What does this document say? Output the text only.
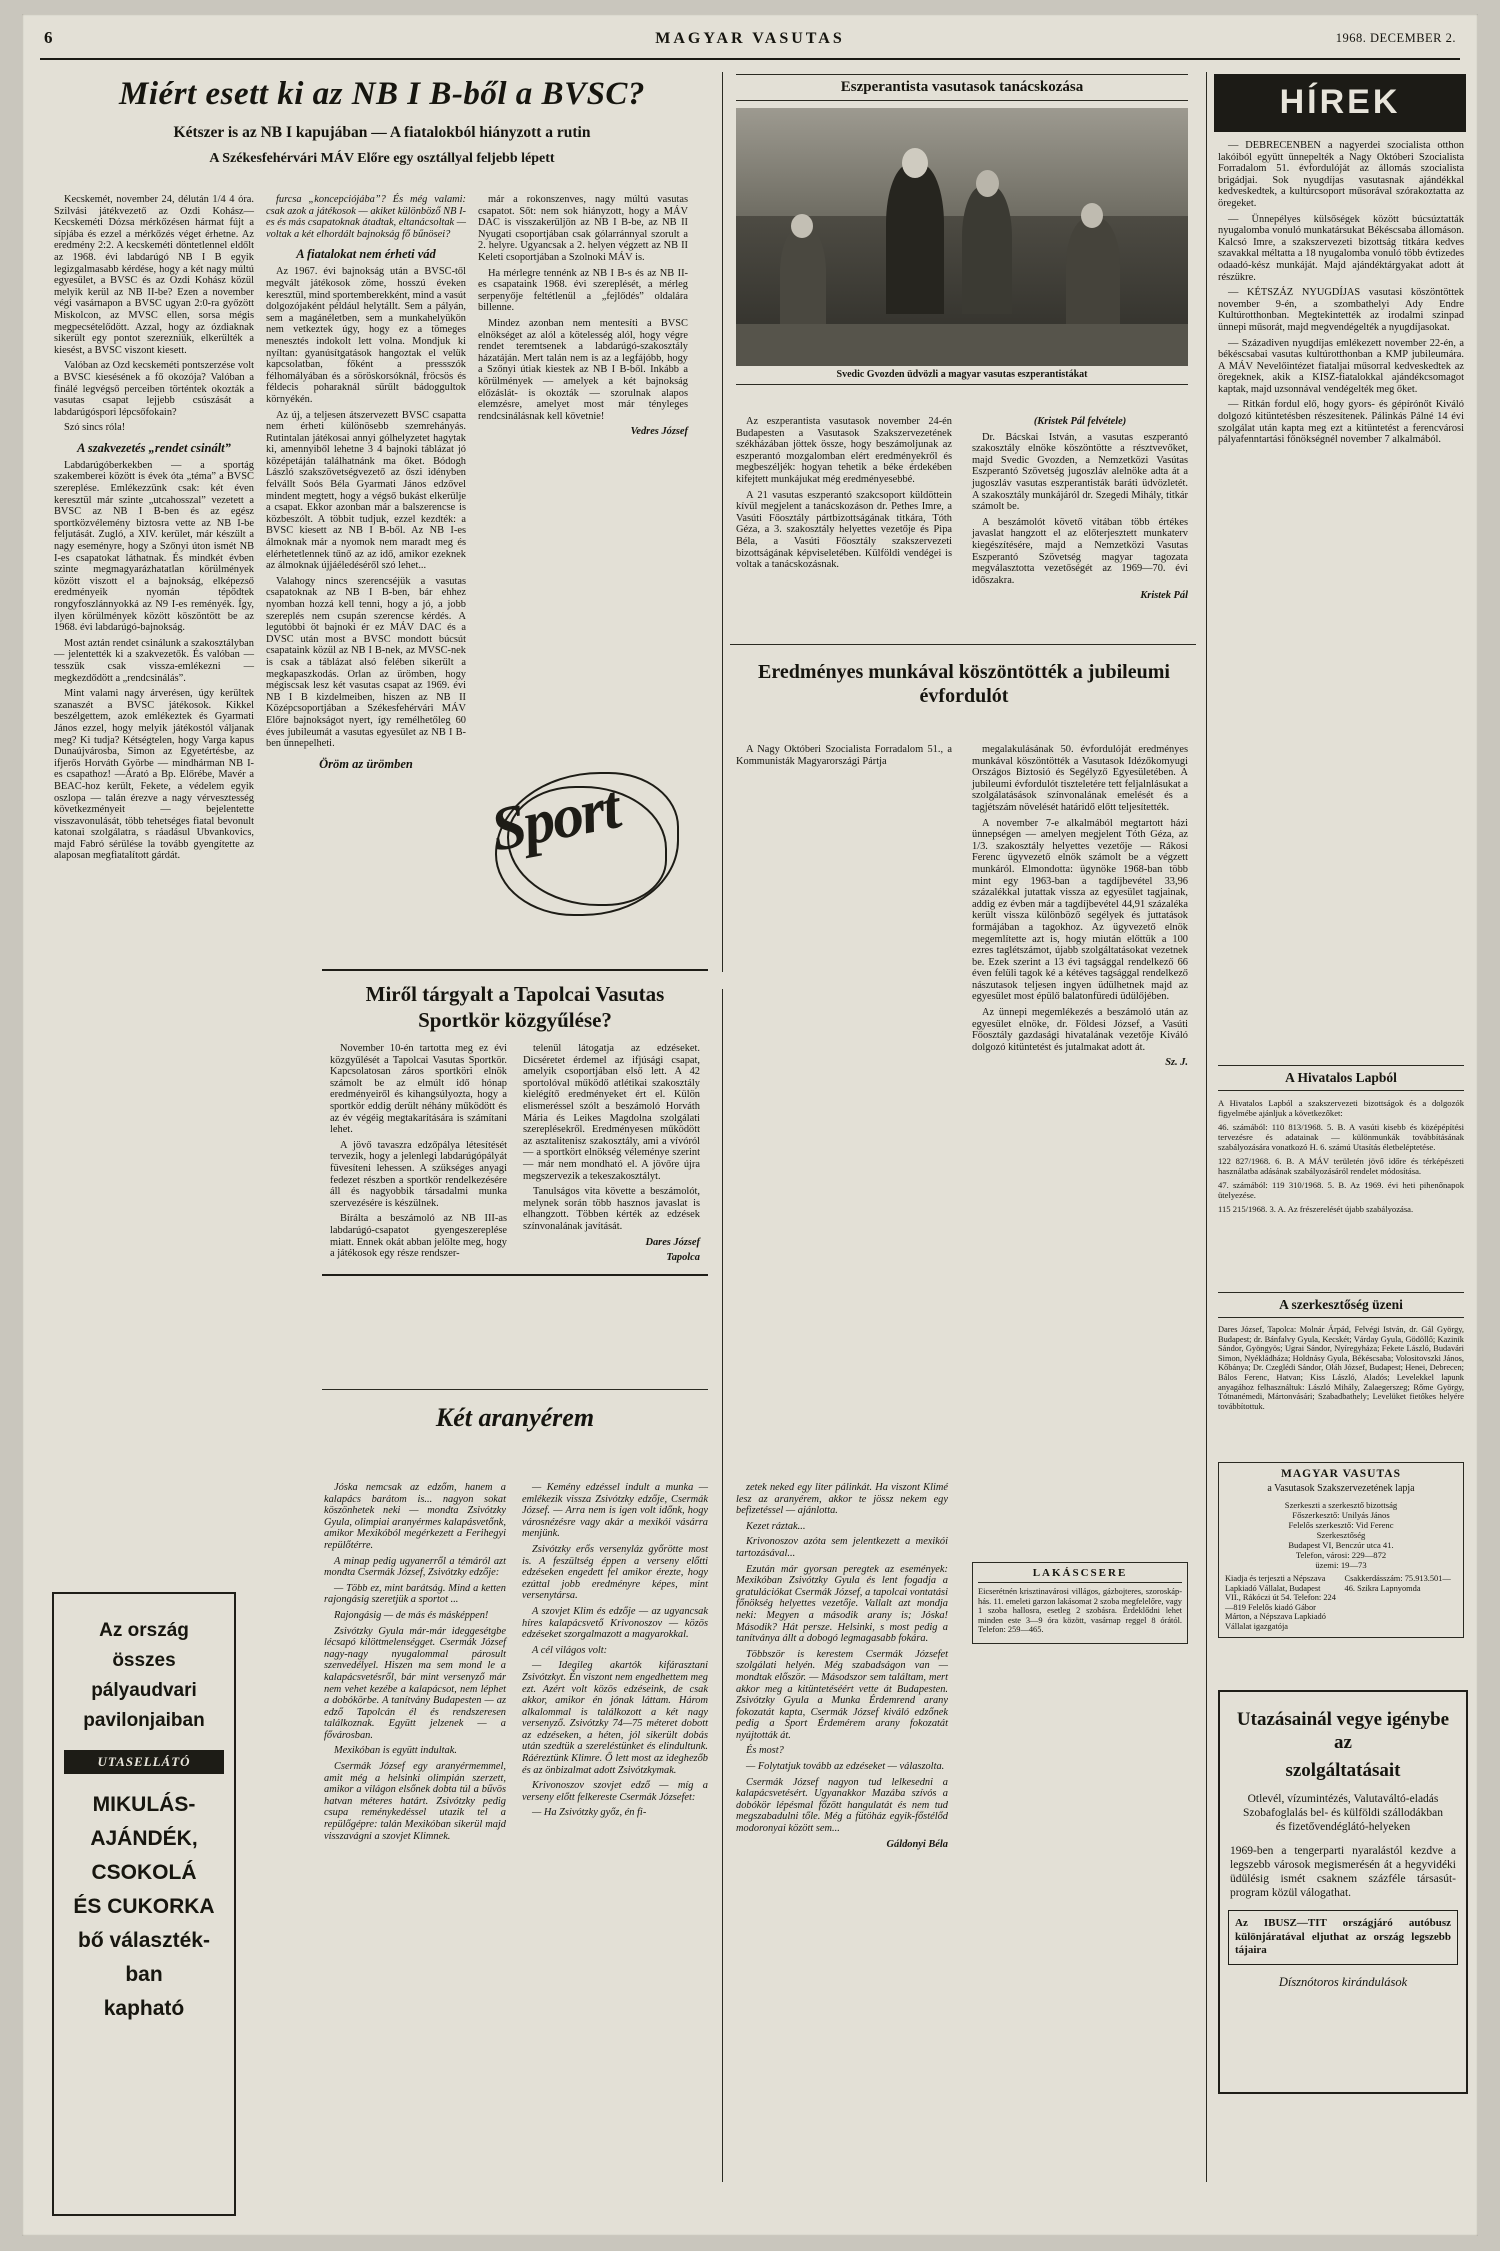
6	MAGYAR VASUTAS	1968. DECEMBER 2.
Miért esett ki az NB I B-ből a BVSC?
Kétszer is az NB I kapujában — A fiatalokból hiányzott a rutin
A Székesfehérvári MÁV Előre egy osztállyal feljebb lépett

Kecskemét, november 24, délután 1/4 4 óra. Szilvási játékvezető az Ozdi Kohász—Kecskeméti Dózsa mérkőzésen hármat fújt a sípjába és ezzel a mérkőzés véget érhetne. Az eredmény 2:2. A kecskeméti döntetlennel eldőlt az 1968. évi labdarúgó NB I B egyik legizgalmasabb kérdése, hogy a két nagy múltú egyesület, a BVSC és az Ozdi Kohász közül melyik kerül az NB II-be? Ezen a november végi vasárnapon a BVSC ugyan 2:0-ra győzött Miskolcon, az MVSC ellen, sorsa mégis megpecsételődött. Azzal, hogy az ózdiaknak sikerült egy pontot szerezniük, elkerülték a kiesést, a BVSC viszont kiesett.

Valóban az Ozd kecskeméti pontszerzése volt a BVSC kiesésének a fő okozója? Valóban a finálé legvégső perceiben történtek okozták a vasutas csapat lejjebb csúszását a labdarúgóspori lépcsőfokain?

Szó sincs róla!

A szakvezetés „rendet csinált”

Labdarúgóberkekben — a sportág szakemberei között is évek óta „téma” a BVSC szereplése. Emlékezzünk csak: két éven keresztül már szinte „utcahosszal” vezetett a BVSC az NB I B-ben és az egész sportközvélemény biztosra vette az NB I-be feljutását. Zugló, a XIV. kerület, már készült a nagy eseményre, hogy a Szőnyi úton ismét NB I-es csapatokat láthatnak. És mindkét évben szinte megmagyarázhatatlan körülmények között viszott el a bajnokság, elképezső eredményeik nyomán tépődtek rongyfoszlánnyokká az N9 I-es reményék. Így, ilyen körülmények között köszöntött be az 1968. évi labdarúgó-bajnokság.

Most aztán rendet csinálunk a szakosztályban — jelentették ki a szakvezetők. És valóban — tesszük csak vissza-emlékezni — megkezdődött a „rendcsinálás”.

Mint valami nagy árverésen, úgy kerültek szanaszét a BVSC játékosok. Kikkel beszélgettem, azok emlékeztek és Gyarmati János ezzel, hogy melyik játékostól váljanak meg? Ki tudja? Kétségtelen, hogy Varga kapus Dunaújvárosba, Simon az Egyetértésbe, az ifjerős Horváth Györbe — mindhárman NB I-es csapathoz! —Árató a Bp. Előrébe, Mavér a BEAC-hoz került, Fekete, a védelem egyik oszlopa — talán érezve a nagy vérvesztesség következményeit — bejelentette visszavonulását, több tehetséges fiatal bevonult katonai szolgálatra, s ráadásul Ubvankovics, majd Fabró sérülése la tovább gyengítette az alaposan megfiatalított gárdát.

furcsa „koncepciójába”? És még valami: csak azok a játékosok — akiket különböző NB I-es és más csapatoknak átadtak, eltanácsoltak — voltak a két elhordált bajnokság fő bűnösei?

A fiatalokat nem érheti vád

Az 1967. évi bajnokság után a BVSC-től megvált játékosok zöme, hosszú éveken keresztül, mind sportemberekként, mind a vasút dolgozójaként például helytállt. Sem a pályán, sem a magánéletben, sem a munkahelyükön nem vetkeztek úgy, hogy ez a tömeges menesztés indokolt lett volna. Mondjuk ki nyíltan: gyanúsítgatások hangoztak el velük kapcsolatban, főként a pressszók félhomályában és a söröskorsóknál, fröcsös és féldecis poharaknál sűrűlt bádoggultok környékén.

Az új, a teljesen átszervezett BVSC csapatta nem érheti különösebb szemrehányás. Rutintalan játékosai annyi gólhelyzetet hagytak ki, amennyiből lehetne 3 4 bajnoki táblázat jó középetáján találhatnánk ma őket. Bódogh László szakszövetségvezető az őszi idényben felvállt Soós Béla Gyarmati János edzővel mindent megtett, hogy a végső bukást elkerülje a csapat. Ekkor azonban már a balszerencse is közbeszólt. A többit tudjuk, ezzel kezdték: a BVSC kiesett az NB I B-ből. Az NB I-es álmoknak már a nyomok nem maradt meg és elérhetetlennek tűnő az az idő, amikor ezeknek az álmoknak újjáéledéséről szó lehet...

Valahogy nincs szerencséjük a vasutas csapatoknak az NB I B-ben, bár ehhez nyomban hozzá kell tenni, hogy a jó, a jobb szereplés nem csupán szerencse kérdés. A legutóbbi öt bajnoki ér ez MÁV DAC és a DVSC után most a BVSC mondott búcsút csapataink közül az NB I B-nek, az MVSC-nek is csak a táblázat alsó felében sikerült a megkapaszkodás. Orlan az ürömben, hogy mégiscsak lesz két vasutas csapat az 1969. évi NB I B kizdelmeiben, hiszen az NB II Középcsoportjában a Székesfehérvári MÁV Előre bajnokságot nyert, így remélhetőleg 60 éves jubileumát a vasutas egyesület az NB I B-ben ünnepelheti.

Öröm az ürömben

már a rokonszenves, nagy múltú vasutas csapatot. Sőt: nem sok hiányzott, hogy a MÁV DAC is visszakerüljön az NB I B-be, az NB II Nyugati csoportjában csak gólarránnyal szorult a 2. helyre. Ugyancsak a 2. helyen végzett az NB II Keleti csoportjában a Szolnoki MÁV is.

Ha mérlegre tennénk az NB I B-s és az NB II-es csapataink 1968. évi szereplését, a mérleg serpenyője feltétlenül a „fejlődés” oldalára billenne.

Mindez azonban nem mentesíti a BVSC elnökséget az alól a kötelesség alól, hogy végre rendet teremtsenek a labdarúgó-szakosztály házatáján. Mert talán nem is az a legfájóbb, hogy a Szőnyi útiak kiestek az NB I B-ből. Inkább a körülmények — amelyek a két bajnokság előzáslát- is okozták — szorulnak alapos elemzésre, amelyet most már tényleges rendcsinálásnak kell követnie!

Vedres József
Sport
Eszperantista vasutasok tanácskozása
Svedic Gvozden üdvözli a magyar vasutas eszperantistákat

Az eszperantista vasutasok november 24-én Budapesten a Vasutasok Szakszervezetének székházában jöttek össze, hogy beszámoljunak az eszperantó mozgalomban elért eredményekről és megbeszéljék: hogyan tehetik a béke érdekében kifejtett munkájukat még eredményesebbé.

A 21 vasutas eszperantó szakcsoport küldöttein kívül megjelent a tanácskozáson dr. Pethes Imre, a Vasúti Főosztály pártbizottságának titkára, Tóth Géza, a 3. szakosztály helyettes vezetője és Pipa Béla, a Vasúti Főosztály szakszervezeti bizottságának képviseletében. Külföldi vendégei is voltak a tanácskozásnak.

(Kristek Pál felvétele)

Dr. Bácskai István, a vasutas eszperantó szakosztály elnöke köszöntötte a résztvevőket, majd Svedic Gvozden, a Nemzetközi Vasútas Eszperantó Szövetség jugoszláv alelnöke adta át a jugoszláv vasutas eszperantisták baráti üdvözletét. A szakosztály munkájáról dr. Szegedi Mihály, titkár számolt be.

A beszámolót követő vitában több értékes javaslat hangzott el az előterjesztett munkaterv kiegészítésére, majd a Nemzetközi Vasutas Eszperantó Szövetség magyar tagozata megválasztotta vezetőségét az 1969—70. évi időszakra.

Kristek Pál
Eredményes munkával köszöntötték a jubileumi évfordulót

A Nagy Októberi Szocialista Forradalom 51., a Kommunisták Magyarországi Pártja

megalakulásának 50. évfordulóját eredményes munkával köszöntötték a Vasutasok Idézőkomyugi Országos Biztosió és Segélyző Egyesületében. A jubileumi évfordulót tiszteletére tett feljalnlásukat a szolgálatásások színvonalának emelését és a tagjétszám növelését határidő előtt teljesítették.

A november 7-e alkalmából megtartott házi ünnepségen — amelyen megjelent Tóth Géza, az 1/3. szakosztály helyettes vezetője — Rákosi Ferenc ügyvezető elnök számolt be a végzett munkáról. Elmondotta: ügynöke 1968-ban több mint egy 1963-ban a tagdíjbevétel 33,96 százalékkal jutattak vissza az egyesület tagjainak, addig ez évben már a tagdíjbevétel 44,91 százaléka került vissza különböző segélyek és juttatások formájában a tagokhoz. Az ügyvezető elnök megemlítette azt is, hogy miután előttük a 100 ezres taglétszámot, újabb szolgáltatásokat vezetnek be. Ezek szerint a 13 évi tagsággal rendelkező 66 éven felüli tagok ké a kétéves tagsággal rendelkező nászutasok teljesen ingyen üdülhetnek majd az egyesület most épülő balatonfüredi üdülőjében.

Az ünnepi megemlékezés a beszámoló után az egyesület elnöke, dr. Földesi József, a Vasúti Főosztály gazdasági hivatalának vezetője Kiváló dolgozó kitüntetést és jutalmakat adott át.

Sz. J.
Miről tárgyalt a Tapolcai Vasutas Sportkör közgyűlése?

November 10-én tartotta meg ez évi közgyűlését a Tapolcai Vasutas Sportkör. Kapcsolatosan záros sportköri elnök számolt be az elmúlt idő hónap eredményeiről és kihangsúlyozta, hogy a sportkör eddig derült néhány működött és az év végéig megtakarítására is számítani lehet.

A jövő tavaszra edzőpálya létesítését tervezik, hogy a jelenlegi labdarúgópályát füvesíteni lehessen. A szükséges anyagi fedezet részben a sportkör rendelkezésére áll és nagyobbik társadalmi munka szervezésére is készülnek.

Bírálta a beszámoló az NB III-as labdarúgó-csapatot gyengeszereplése miatt. Ennek okát abban jelölte meg, hogy a játékosok egy része rendszer-

telenül látogatja az edzéseket. Dicséretet érdemel az ifjúsági csapat, amelyik csoportjában első lett. A 42 sportolóval működő atlétikai szakosztály kielégítő eredményeket ért el. Külön elismeréssel szólt a beszámoló Horváth Mária és Leikes Magdolna szolgálati szereplésekről. Eredményesen működött az asztalitenisz szakosztály, ami a vívóról — a sportkört elnökség véleménye szerint — már nem mondható el. A jövőre újra megszervezik a tekeszakosztályt.

Tanulságos vita követte a beszámolót, melynek során több hasznos javaslat is elhangzott. Többen kérték az edzések színvonalának javítását.

Dares József
Tapolca
Két aranyérem

Jóska nemcsak az edzőm, hanem a kalapács barátom is... nagyon sokat köszönhetek neki — mondta Zsivótzky Gyula, olimpiai aranyérmes kalapásvetőnk, amikor Mexikóból megérkezett a Ferihegyi repülőtérre.

A minap pedig ugyanerről a témáról azt mondta Csermák József, Zsivótzky edzője:

— Több ez, mint barátság. Mind a ketten rajongásig szeretjük a sportot ...

Rajongásig — de más és másképpen!

Zsivótzky Gyula már-már ideggesétgbe lécsapó kilöttmelenségget. Csermák József nagy-nagy nyugalommal párosult szenvedélyel. Hiszen ma sem mond le a kalapácsvetésről, bár mint versenyző már nem vehet kezébe a kalapácsot, nem léphet a dobókörbe. A tanítvány Budapesten — az edző Tapolcán él és rendszeresen találkoznak. Együtt jelzenek — a fővárosban.

Mexikóban is együtt indultak.

Csermák József egy aranyérmemmel, amit még a helsinki olimpián szerzett, amikor a világon elsőnek dobta túl a bűvös hatvan méteres határt. Zsivótzky pedig csupa reménykedéssel utazik tel a repülőgépre: talán Mexikóban sikerül majd visszavágni a szovjet Klimnek.

— Kemény edzéssel indult a munka — emlékezik vissza Zsivótzky edzője, Csermák József. — Arra nem is igen volt időnk, hogy városnézésre vagy akár a mexikói vásárra menjünk.

Zsivótzky erős versenyláz győrötte most is. A feszültség éppen a verseny előtti edzéseken engedett fel amikor érezte, hogy ezúttal jobb eredményre képes, mint versenytársa.

A szovjet Klim és edzője — az ugyancsak híres kalapácsvető Krivonoszov — közös edzéseket szorgalmazott a magyarokkal.

A cél világos volt:

— Idegileg akartók kifárasztani Zsivótzkyt. Én viszont nem engedhettem meg ezt. Azért volt közös edzéseink, de csak akkor, amikor én jónak láttam. Három alkalommal is találkozott a két nagy versenyző. Zsivótzky 74—75 méteret dobott az edzéseken, a héten, jól sikerült dobás után szedtük a szereléstünket és elindultunk. Ráéreztünk Klimre. Ő lett most az ideghezőb és az önbizalmat adott Zsivótzkymak.

Krivonoszov szovjet edző — míg a verseny előtt felkereste Csermák Józsefet:

— Ha Zsivótzky győz, én fi-

zetek neked egy liter pálinkát. Ha viszont Klimé lesz az aranyérem, akkor te jössz nekem egy befizetéssel — ajánlotta.

Kezet ráztak...

Krivonoszov azóta sem jelentkezett a mexikói tartozásával...

Ezután már gyorsan peregtek az események: Mexikóban Zsivótzky Gyula és lent fogadja a gratulációkat Csermák József, a tapolcai vontatási főnökség helyettes vezetője. Vallalt azt mondja neki: Megyen a második arany is; Jóska! Második? Hát persze. Helsinki, s most pedig a tanítványa állt a dobogó legmagasabb fokára.

Többször is kerestem Csermák Józsefet szolgálati helyén. Még szabadságon van — mondtak először. — Másodszor sem találtam, mert akkor meg a kitüntetéséért vette át Budapesten. Zsivótzky Gyula a Munka Érdemrend arany fokozatát kapta, Csermák József kiváló edzőnek pedig a Sport Érdemérem arany fokozatát nyújtották át.

És most?

— Folytatjuk tovább az edzéseket — válaszolta.

Csermák József nagyon tud lelkesedni a kalapácsvetésért. Ugyanakkor Mazába szívós a dobókör lépésmal főzött hangulatát és nem tud megszabadulni tőle. Még a fütöház egyik-főstélőd modoronyai között sem...

Gáldonyi Béla
LAKÁSCSERE

Eicserétnén krisztinavárosi villágos, gázbojteres, szoroskáp- hás. 11. emeleti garzon lakásomat 2 szoba megfelelőre, vagy 1 szoba hallosra, esetleg 2 szobásra. Érdeklődni lehet minden este 3—9 óra között, vasárnap reggel 8 órától. Telefon: 259—465.

HÍREK

— DEBRECENBEN a nagyerdei szocialista otthon lakóiból együtt ünnepelték a Nagy Októberi Szocialista Forradalom 51. évfordulóját az állomás szocialista brigádjai. Sok nyugdíjas vasutasnak ajándékkal kedveskedtek, a kultúrcsoport műsorával szórakoztatta az öregeket.

— Ünnepélyes külsőségek között búcsúztatták nyugalomba vonuló munkatársukat Békéscsaba állomáson. Kalcsó Imre, a szakszervezeti bizottság titkára kedves szavakkal méltatta a 18 nyugalomba vonuló több évtizedes odaadó-kész munkáját. Majd ajándéktárgyakat adott át részükre.

— KÉTSZÁZ NYUGDÍJAS vasutasi köszöntöttek november 9-én, a szombathelyi Ady Endre Kultúrotthonban. Megtekintették az irodalmi szinpad ünnepi műsorát, majd megvendégelték a nyugdíjasokat.

— Századiven nyugdíjas emlékezett november 22-én, a békéscsabai vasutas kultúrotthonban a KMP jubileumára. A MÁV Nevelőintézet fiataljai műsorral kedveskedtek az öregeknek, akik a KISZ-fiatalokkal ajándékcsomagot kaptak, majd uzsonnával vendégelték meg őket.

— Ritkán fordul elő, hogy gyors- és gépírónőt Kiváló dolgozó kitüntetésben részesítenek. Pálinkás Pálné 14 évi szolgálat után kapta meg ezt a kitüntetést a ferencvárosi pályafenntartási főnökségnél november 7 alkalmából.

A Hivatalos Lapból

A Hivatalos Lapból a szakszervezeti bizottságok és a dolgozók figyelmébe ajánljuk a következőket:

46. számából: 110 813/1968. 5. B. A vasúti kisebb és középépítési tervezésre és adatainak — különmunkák továbbításának szabályozására vonatkozó H. 6. számú Utasítás életbeléptetése.

122 827/1968. 6. B. A MÁV területén jövő időre és térképészeti használatba adásának szabályozásáról rendelet módosítása.

47. számából: 119 310/1968. 5. B. Az 1969. évi heti pihenőnapok ütelyezése.

115 215/1968. 3. A. Az frészerelését újabb szabályozása.

A szerkesztőség üzeni

Dares József, Tapolca: Molnár Árpád, Felvégi István, dr. Gál György, Budapest; dr. Bánfalvy Gyula, Kecskét; Várday Gyula, Gödöllő; Kazinik Sándor, Gyöngyös; Ugrai Sándor, Nyíregyháza; Fekete László, Budavári Simon, Nyékládháza; Holdnásy Gyula, Békéscsaba; Volositovszki János, Kőbánya; Dr. Czeglédi Sándor, Oláh József, Budapest; Henei, Debrecen; Bálos Ferenc, Hatvan; Kiss László, Aladós; Levelekkel lapunk anyagához felhasználtuk: László Mihály, Zalaegerszeg; Rőme György, Tótnanémedi, Mártonvásári; Szabadbathely; Levelüket fietőkes helyére továbbítottuk.

MAGYAR VASUTAS
a Vasutasok Szakszervezetének lapja
Szerkeszti a szerkesztő bizottság
Főszerkesztő: Unilyás János
Felelős szerkesztő: Vid Ferenc
Szerkesztőség
Budapest VI, Benczúr utca 41.
Telefon, városi: 229—872
üzemi: 19—73
Kiadja és terjeszti a Népszava Lapkiadó Vállalat, Budapest VII., Rákóczi út 54. Telefon: 224—819 Felelős kiadó Gábor Márton, a Népszava Lapkiadó Vállalat igazgatója
Csakkerdásszám: 75.913.501—46. Szikra Lapnyomda
Az ország
összes
pályaudvari
pavilonjaiban
UTASELLÁTÓ
MIKULÁS-
AJÁNDÉK,
CSOKOLÁ
ÉS CUKORKA
bő választék-
ban
kapható
Utazásainál vegye igénybe az
szolgáltatásait
Otlevél, vízumintézés, Valutaváltó-eladás
Szobafoglalás bel- és külföldi szállodákban
és fizetővendéglátó-helyeken
1969-ben a tengerparti nyaralástól kezdve a legszebb városok megismerésén át a hegyvidéki üdülésig ismét csaknem százféle társasút-program közül válogathat.
Az IBUSZ—TIT országjáró autóbusz különjáratával eljuthat az ország legszebb tájaira
Dísznótoros kirándulások
